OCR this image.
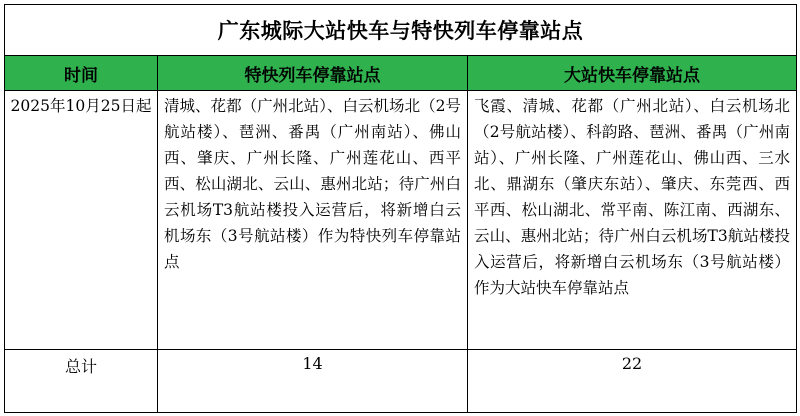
广东城际大站快车与特快列车停靠站点		
时间	特快列车停靠站点	大站快车停靠站点
2025年10月25日起	清城、花都（广州北站）、白云机场北（2号航站楼）、琶洲、番禺（广州南站）、佛山西、肇庆、广州长隆、广州莲花山、西平西、松山湖北、云山、惠州北站；待广州白云机场T3航站楼投入运营后，将新增白云机场东（3号航站楼）作为特快列车停靠站点	飞霞、清城、花都（广州北站）、白云机场北（2号航站楼）、科韵路、琶洲、番禺（广州南站）、广州长隆、广州莲花山、佛山西、三水北、鼎湖东（肇庆东站）、肇庆、东莞西、西平西、松山湖北、常平南、陈江南、西湖东、云山、惠州北站；待广州白云机场T3航站楼投入运营后，将新增白云机场东（3号航站楼）作为大站快车停靠站点
总计	14	22
